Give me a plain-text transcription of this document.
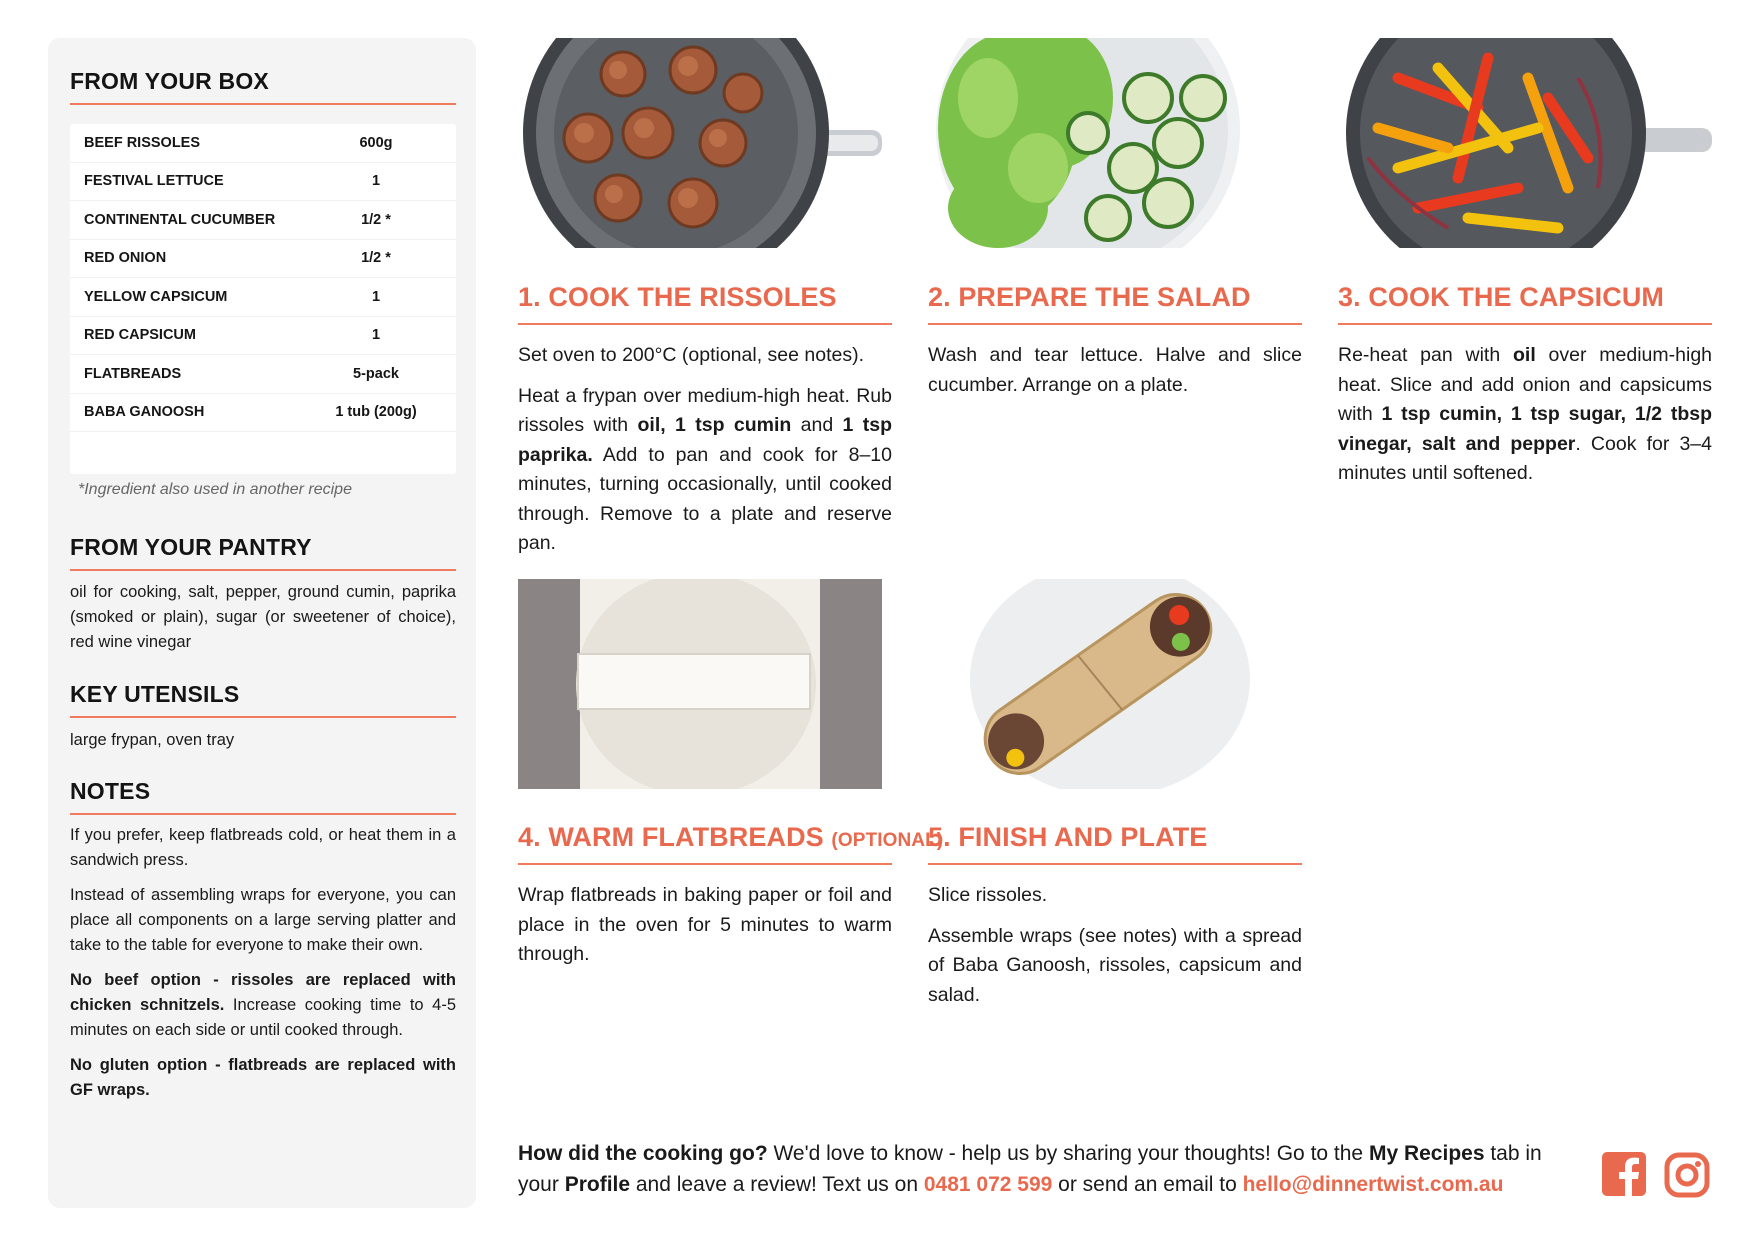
FROM YOUR BOX
BEEF RISSOLES	600g
FESTIVAL LETTUCE	1
CONTINENTAL CUCUMBER	1/2 *
RED ONION	1/2 *
YELLOW CAPSICUM	1
RED CAPSICUM	1
FLATBREADS	5-pack
BABA GANOOSH	1 tub (200g)
*Ingredient also used in another recipe
FROM YOUR PANTRY
oil for cooking, salt, pepper, ground cumin, paprika (smoked or plain), sugar (or sweetener of choice), red wine vinegar
KEY UTENSILS
large frypan, oven tray
NOTES

If you prefer, keep flatbreads cold, or heat them in a sandwich press.

Instead of assembling wraps for everyone, you can place all components on a large serving platter and take to the table for everyone to make their own.

No beef option - rissoles are replaced with chicken schnitzels. Increase cooking time to 4-5 minutes on each side or until cooked through.

No gluten option - flatbreads are replaced with GF wraps.

1. COOK THE RISSOLES

Set oven to 200°C (optional, see notes).

Heat a frypan over medium-high heat. Rub rissoles with oil, 1 tsp cumin and 1 tsp paprika. Add to pan and cook for 8–10 minutes, turning occasionally, until cooked through. Remove to a plate and reserve pan.

2. PREPARE THE SALAD

Wash and tear lettuce. Halve and slice cucumber. Arrange on a plate.

3. COOK THE CAPSICUM

Re-heat pan with oil over medium-high heat. Slice and add onion and capsicums with 1 tsp cumin, 1 tsp sugar, 1/2 tbsp vinegar, salt and pepper. Cook for 3–4 minutes until softened.

4. WARM FLATBREADS (OPTIONAL)

Wrap flatbreads in baking paper or foil and place in the oven for 5 minutes to warm through.

5. FINISH AND PLATE

Slice rissoles.

Assemble wraps (see notes) with a spread of Baba Ganoosh, rissoles, capsicum and salad.

How did the cooking go? We'd love to know - help us by sharing your thoughts! Go to the My Recipes tab in your Profile and leave a review! Text us on 0481 072 599 or send an email to hello@dinnertwist.com.au
